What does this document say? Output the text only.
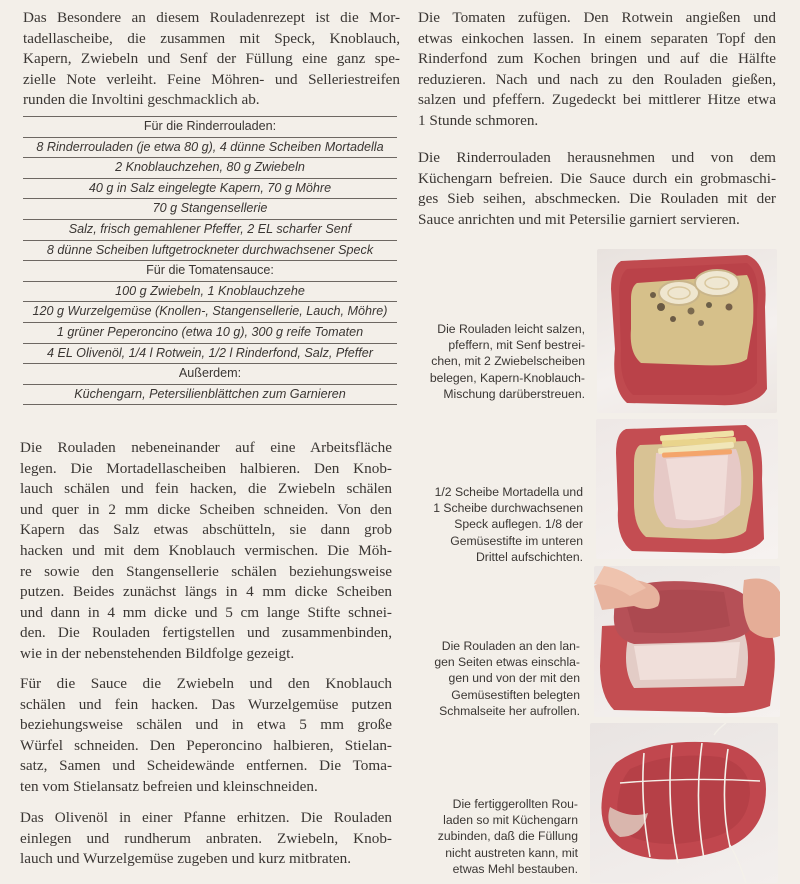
Das Besondere an diesem Rouladenrezept ist die Mor-
tadellascheibe, die zusammen mit Speck, Knoblauch,
Kapern, Zwiebeln und Senf der Füllung eine ganz spe-
zielle Note verleiht. Feine Möhren- und Selleriestreifen
runden die Involtini geschmacklich ab.

Für die Rinderrouladen:
8 Rinderrouladen (je etwa 80 g), 4 dünne Scheiben Mortadella
2 Knoblauchzehen, 80 g Zwiebeln
40 g in Salz eingelegte Kapern, 70 g Möhre
70 g Stangensellerie
Salz, frisch gemahlener Pfeffer, 2 EL scharfer Senf
8 dünne Scheiben luftgetrockneter durchwachsener Speck
Für die Tomatensauce:
100 g Zwiebeln, 1 Knoblauchzehe
120 g Wurzelgemüse (Knollen-, Stangensellerie, Lauch, Möhre)
1 grüner Peperoncino (etwa 10 g), 300 g reife Tomaten
4 EL Olivenöl, 1/4 l Rotwein, 1/2 l Rinderfond, Salz, Pfeffer
Außerdem:
Küchengarn, Petersilienblättchen zum Garnieren

Die Rouladen nebeneinander auf eine Arbeitsfläche
legen. Die Mortadellascheiben halbieren. Den Knob-
lauch schälen und fein hacken, die Zwiebeln schälen
und quer in 2 mm dicke Scheiben schneiden. Von den
Kapern das Salz etwas abschütteln, sie dann grob
hacken und mit dem Knoblauch vermischen. Die Möh-
re sowie den Stangensellerie schälen beziehungsweise
putzen. Beides zunächst längs in 4 mm dicke Scheiben
und dann in 4 mm dicke und 5 cm lange Stifte schnei-
den. Die Rouladen fertigstellen und zusammenbinden,
wie in der nebenstehenden Bildfolge gezeigt.

Für die Sauce die Zwiebeln und den Knoblauch
schälen und fein hacken. Das Wurzelgemüse putzen
beziehungsweise schälen und in etwa 5 mm große
Würfel schneiden. Den Peperoncino halbieren, Stielan-
satz, Samen und Scheidewände entfernen. Die Toma-
ten vom Stielansatz befreien und kleinschneiden.

Das Olivenöl in einer Pfanne erhitzen. Die Rouladen
einlegen und rundherum anbraten. Zwiebeln, Knob-
lauch und Wurzelgemüse zugeben und kurz mitbraten.

Die Tomaten zufügen. Den Rotwein angießen und
etwas einkochen lassen. In einem separaten Topf den
Rinderfond zum Kochen bringen und auf die Hälfte
reduzieren. Nach und nach zu den Rouladen gießen,
salzen und pfeffern. Zugedeckt bei mittlerer Hitze etwa
1 Stunde schmoren.

Die Rinderrouladen herausnehmen und von dem
Küchengarn befreien. Die Sauce durch ein grobmaschi-
ges Sieb seihen, abschmecken. Die Rouladen mit der
Sauce anrichten und mit Petersilie garniert servieren.

Die Rouladen leicht salzen,
pfeffern, mit Senf bestrei-
chen, mit 2 Zwiebelscheiben
belegen, Kapern-Knoblauch-
Mischung darüberstreuen.

1/2 Scheibe Mortadella und
1 Scheibe durchwachsenen
Speck auflegen. 1/8 der
Gemüsestifte im unteren
Drittel aufschichten.

Die Rouladen an den lan-
gen Seiten etwas einschla-
gen und von der mit den
Gemüsestiften belegten
Schmalseite her aufrollen.

Die fertiggerollten Rou-
laden so mit Küchengarn
zubinden, daß die Füllung
nicht austreten kann, mit
etwas Mehl bestauben.
